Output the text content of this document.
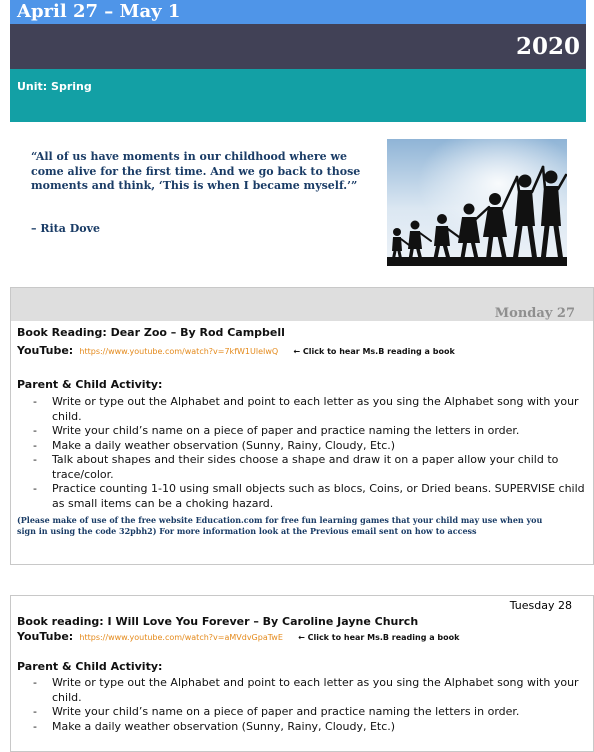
April 27 – May 1
2020
Unit: Spring
“All of us have moments in our childhood where we come alive for the first time. And we go back to those moments and think, ‘This is when I became myself.’”
– Rita Dove
Monday 27
Book Reading: Dear Zoo – By Rod Campbell
YouTube: https://www.youtube.com/watch?v=7kfW1UleIwQ ← Click to hear Ms.B reading a book
Parent & Child Activity:
- Write or type out the Alphabet and point to each letter as you sing the Alphabet song with your child.
- Write your child’s name on a piece of paper and practice naming the letters in order.
- Make a daily weather observation (Sunny, Rainy, Cloudy, Etc.)
- Talk about shapes and their sides choose a shape and draw it on a paper allow your child to trace/color.
- Practice counting 1-10 using small objects such as blocs, Coins, or Dried beans. SUPERVISE child as small items can be a choking hazard.
(Please make of use of the free website Education.com for free fun learning games that your child may use when you sign in using the code 32pbh2) For more information look at the Previous email sent on how to access
Tuesday 28
Book reading: I Will Love You Forever – By Caroline Jayne Church
YouTube: https://www.youtube.com/watch?v=aMVdvGpaTwE ← Click to hear Ms.B reading a book
Parent & Child Activity:
- Write or type out the Alphabet and point to each letter as you sing the Alphabet song with your child.
- Write your child’s name on a piece of paper and practice naming the letters in order.
- Make a daily weather observation (Sunny, Rainy, Cloudy, Etc.)
